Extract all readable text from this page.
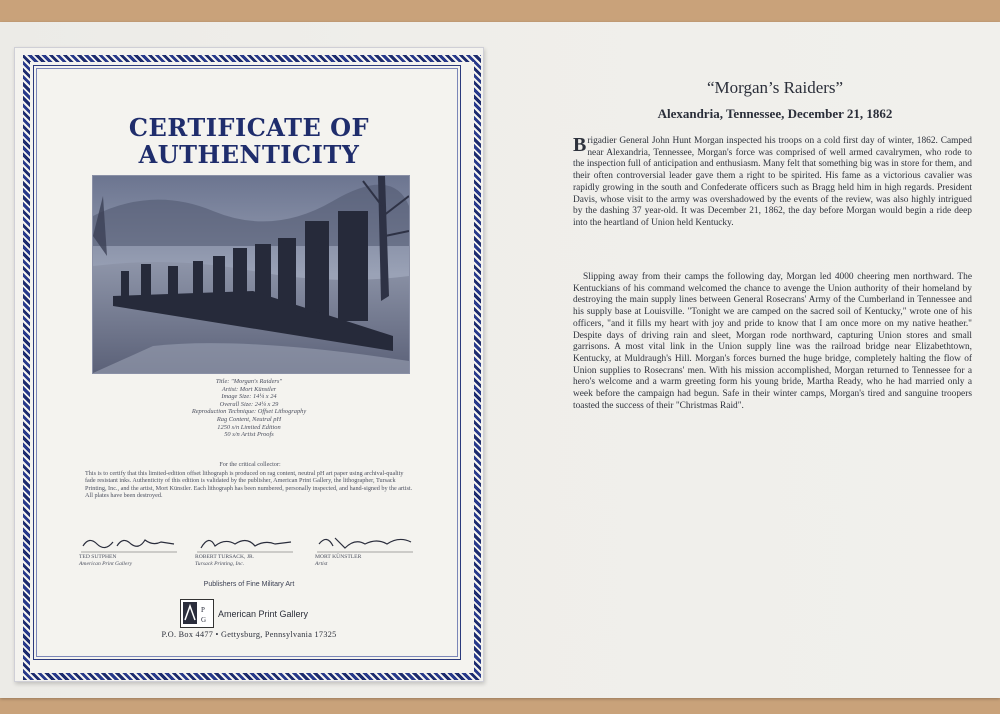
CERTIFICATE OF
AUTHENTICITY
Title: "Morgan's Raiders"
Artist: Mort Künstler
Image Size: 14¼ x 24
Overall Size: 24¼ x 29
Reproduction Technique: Offset Lithography
Rag Content, Neutral pH
1250 s/n Limited Edition
50 s/n Artist Proofs
For the critical collector:
This is to certify that this limited-edition offset lithograph is produced on rag content, neutral pH art paper using archival-quality fade resistant inks. Authenticity of this edition is validated by the publisher, American Print Gallery, the lithographer, Tursack Printing, Inc., and the artist, Mort Künstler. Each lithograph has been numbered, personally inspected, and hand-signed by the artist. All plates have been destroyed.
TED SUTPHEN
American Print Gallery
ROBERT TURSACK, JR.
Tursack Printing, Inc.
MORT KÜNSTLER
Artist
Publishers of Fine Military Art
P
G
American Print Gallery
P.O. Box 4477 • Gettysburg, Pennsylvania 17325
“Morgan’s Raiders”
Alexandria, Tennessee, December 21, 1862
Brigadier General John Hunt Morgan inspected his troops on a cold first day of winter, 1862. Camped near Alexandria, Tennessee, Morgan's force was comprised of well armed cavalrymen, who rode to the inspection full of anticipation and enthusiasm. Many felt that something big was in store for them, and their often controversial leader gave them a right to be spirited. His fame as a victorious cavalier was rapidly growing in the south and Confederate officers such as Bragg held him in high regards. President Davis, whose visit to the army was overshadowed by the events of the review, was also highly intrigued by the dashing 37 year-old. It was December 21, 1862, the day before Morgan would begin a ride deep into the heartland of Union held Kentucky.
Slipping away from their camps the following day, Morgan led 4000 cheering men northward. The Kentuckians of his command welcomed the chance to avenge the Union authority of their homeland by destroying the main supply lines between General Rosecrans' Army of the Cumberland in Tennessee and his supply base at Louisville. "Tonight we are camped on the sacred soil of Kentucky," wrote one of his officers, "and it fills my heart with joy and pride to know that I am once more on my native heather." Despite days of driving rain and sleet, Morgan rode northward, capturing Union stores and small garrisons. A most vital link in the Union supply line was the railroad bridge near Elizabethtown, Kentucky, at Muldraugh's Hill. Morgan's forces burned the huge bridge, completely halting the flow of Union supplies to Rosecrans' men. With his mission accomplished, Morgan returned to Tennessee for a hero's welcome and a warm greeting form his young bride, Martha Ready, who he had married only a week before the campaign had begun. Safe in their winter camps, Morgan's tired and sanguine troopers toasted the success of their "Christmas Raid".
